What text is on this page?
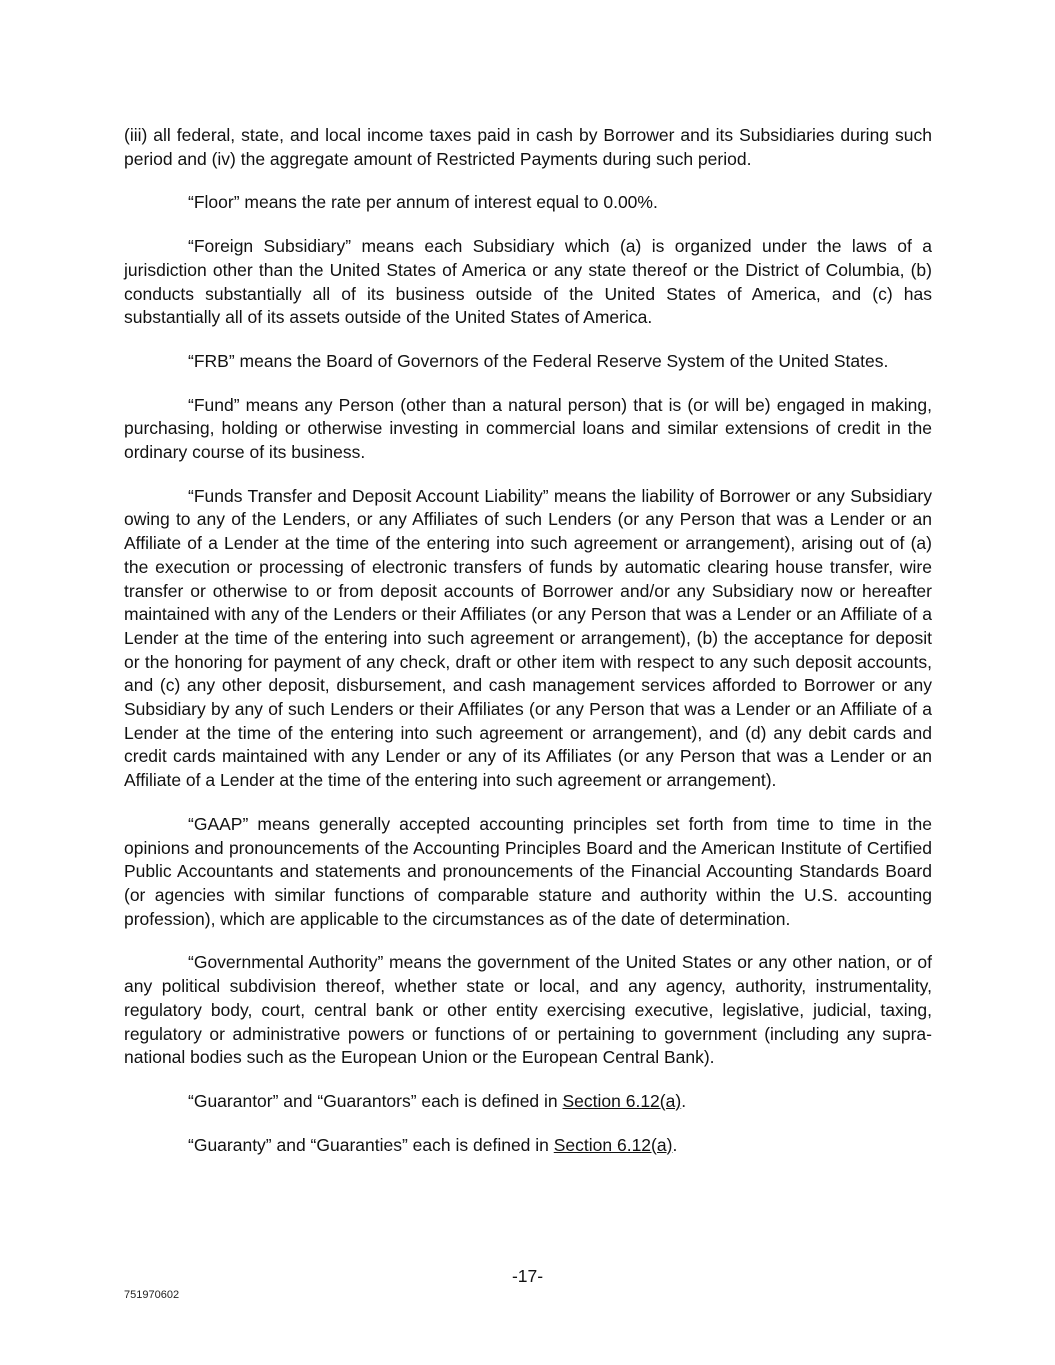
(iii) all federal, state, and local income taxes paid in cash by Borrower and its Subsidiaries during such period and (iv) the aggregate amount of Restricted Payments during such period.

“Floor” means the rate per annum of interest equal to 0.00%.

“Foreign Subsidiary” means each Subsidiary which (a) is organized under the laws of a jurisdiction other than the United States of America or any state thereof or the District of Columbia, (b) conducts substantially all of its business outside of the United States of America, and (c) has substantially all of its assets outside of the United States of America.

“FRB” means the Board of Governors of the Federal Reserve System of the United States.

“Fund” means any Person (other than a natural person) that is (or will be) engaged in making, purchasing, holding or otherwise investing in commercial loans and similar extensions of credit in the ordinary course of its business.

“Funds Transfer and Deposit Account Liability” means the liability of Borrower or any Subsidiary owing to any of the Lenders, or any Affiliates of such Lenders (or any Person that was a Lender or an Affiliate of a Lender at the time of the entering into such agreement or arrangement), arising out of (a) the execution or processing of electronic transfers of funds by automatic clearing house transfer, wire transfer or otherwise to or from deposit accounts of Borrower and/or any Subsidiary now or hereafter maintained with any of the Lenders or their Affiliates (or any Person that was a Lender or an Affiliate of a Lender at the time of the entering into such agreement or arrangement), (b) the acceptance for deposit or the honoring for payment of any check, draft or other item with respect to any such deposit accounts, and (c) any other deposit, disbursement, and cash management services afforded to Borrower or any Subsidiary by any of such Lenders or their Affiliates (or any Person that was a Lender or an Affiliate of a Lender at the time of the entering into such agreement or arrangement), and (d) any debit cards and credit cards maintained with any Lender or any of its Affiliates (or any Person that was a Lender or an Affiliate of a Lender at the time of the entering into such agreement or arrangement).

“GAAP” means generally accepted accounting principles set forth from time to time in the opinions and pronouncements of the Accounting Principles Board and the American Institute of Certified Public Accountants and statements and pronouncements of the Financial Accounting Standards Board (or agencies with similar functions of comparable stature and authority within the U.S. accounting profession), which are applicable to the circumstances as of the date of determination.

“Governmental Authority” means the government of the United States or any other nation, or of any political subdivision thereof, whether state or local, and any agency, authority, instrumentality, regulatory body, court, central bank or other entity exercising executive, legislative, judicial, taxing, regulatory or administrative powers or functions of or pertaining to government (including any supra-national bodies such as the European Union or the European Central Bank).

“Guarantor” and “Guarantors” each is defined in Section 6.12(a).

“Guaranty” and “Guaranties” each is defined in Section 6.12(a).

-17-
751970602
